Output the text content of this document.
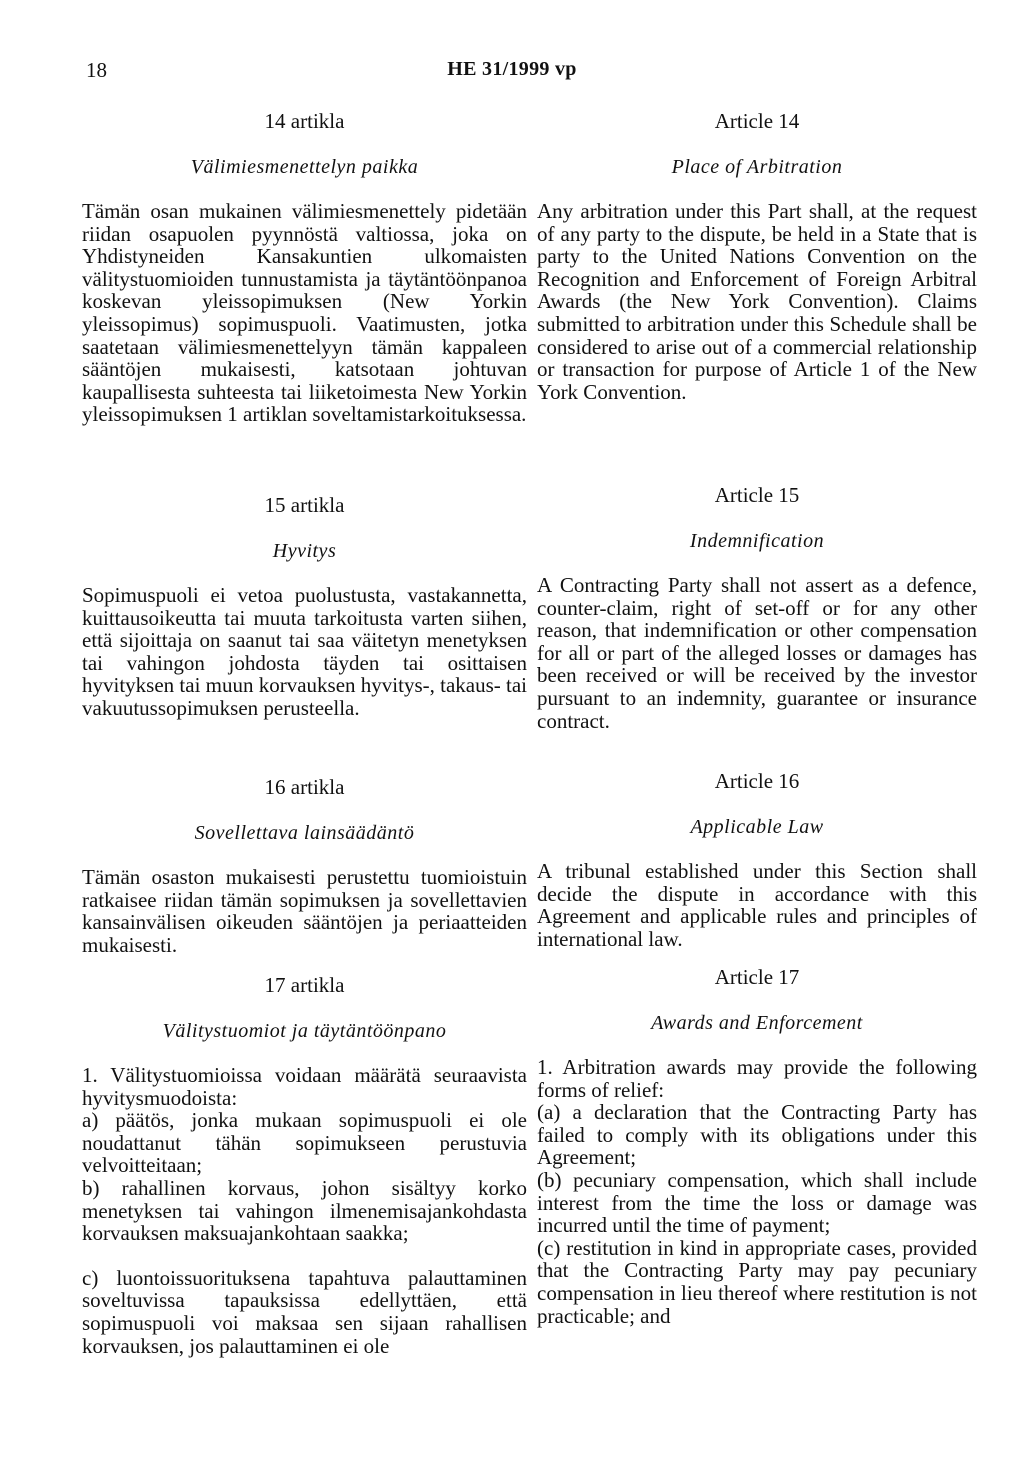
18	HE 31/1999 vp
14 artikla
Välimiesmenettelyn paikka

Tämän osan mukainen välimiesmenettely pidetään riidan osapuolen pyynnöstä valtiossa, joka on Yhdistyneiden Kansakuntien ulkomaisten välitystuomioiden tunnustamista ja täytäntöönpanoa koskevan yleissopimuksen (New Yorkin yleissopimus) sopimuspuoli. Vaatimusten, jotka saatetaan välimiesmenettelyyn tämän kappaleen sääntöjen mukaisesti, katsotaan johtuvan kaupallisesta suhteesta tai liiketoimesta New Yorkin yleissopimuksen 1 artiklan soveltamistarkoituksessa.

15 artikla
Hyvitys

Sopimuspuoli ei vetoa puolustusta, vastakannetta, kuittausoikeutta tai muuta tarkoitusta varten siihen, että sijoittaja on saanut tai saa väitetyn menetyksen tai vahingon johdosta täyden tai osittaisen hyvityksen tai muun korvauksen hyvitys-, takaus- tai vakuutussopimuksen perusteella.

16 artikla
Sovellettava lainsäädäntö

Tämän osaston mukaisesti perustettu tuomioistuin ratkaisee riidan tämän sopimuksen ja sovellettavien kansainvälisen oikeuden sääntöjen ja periaatteiden mukaisesti.

17 artikla
Välitystuomiot ja täytäntöönpano

1. Välitystuomioissa voidaan määrätä seuraavista hyvitysmuodoista:

a) päätös, jonka mukaan sopimuspuoli ei ole noudattanut tähän sopimukseen perustuvia velvoitteitaan;

b) rahallinen korvaus, johon sisältyy korko menetyksen tai vahingon ilmenemisajankohdasta korvauksen maksuajankohtaan saakka;

c) luontoissuorituksena tapahtuva palauttaminen soveltuvissa tapauksissa edellyttäen, että sopimuspuoli voi maksaa sen sijaan rahallisen korvauksen, jos palauttaminen ei ole

Article 14
Place of Arbitration

Any arbitration under this Part shall, at the request of any party to the dispute, be held in a State that is party to the United Nations Convention on the Recognition and Enforcement of Foreign Arbitral Awards (the New York Convention). Claims submitted to arbitration under this Schedule shall be considered to arise out of a commercial relationship or transaction for purpose of Article 1 of the New York Convention.

Article 15
Indemnification

A Contracting Party shall not assert as a defence, counter-claim, right of set-off or for any other reason, that indemnification or other compensation for all or part of the alleged losses or damages has been received or will be received by the investor pursuant to an indemnity, guarantee or insurance contract.

Article 16
Applicable Law

A tribunal established under this Section shall decide the dispute in accordance with this Agreement and applicable rules and principles of international law.

Article 17
Awards and Enforcement

1. Arbitration awards may provide the following forms of relief:

(a) a declaration that the Contracting Party has failed to comply with its obligations under this Agreement;

(b) pecuniary compensation, which shall include interest from the time the loss or damage was incurred until the time of payment;

(c) restitution in kind in appropriate cases, provided that the Contracting Party may pay pecuniary compensation in lieu thereof where restitution is not practicable; and
